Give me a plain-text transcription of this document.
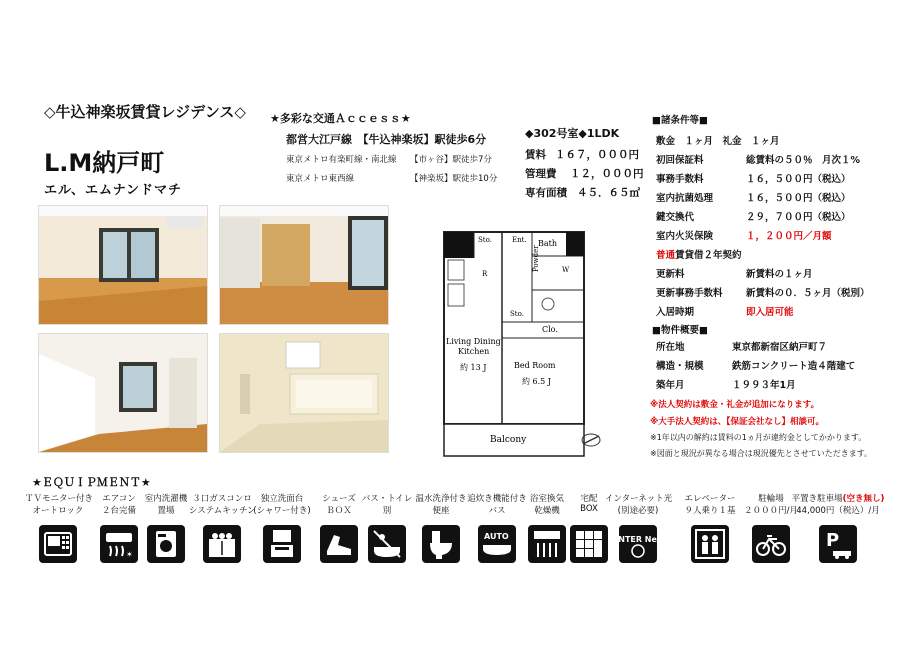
◇牛込神楽坂賃貸レジデンス◇
L.M納戸町
エル、エムナンドマチ
★多彩な交通Ａｃｃｅｓｓ★
都営大江戸線　【牛込神楽坂】駅徒歩6分
東京メトロ有楽町線・南北線 【市ヶ谷】駅徒歩7分
東京メトロ東西線	【神楽坂】駅徒歩10分
◆302号室◆1LDK
賃料 １６７，０００円
管理費 １２，０００円
専有面積 ４５．６５㎡
Sto.	Ent. Bath
Powder	W
R
Sto.
Clo.
Living Dining
Kitchen
約 13 J	Bed Room
約 6.5 J
Balcony
■諸条件等■
敷金　１ヶ月　礼金　１ヶ月
初回保証料	総賃料の５０％　月次１%
事務手数料	１６，５００円（税込）
室内抗菌処理	１６，５００円（税込）
鍵交換代	２９，７００円（税込）
室内火災保険	１，２００円／月額
普通賃貸借２年契約
更新料	新賃料の１ヶ月
更新事務手数料 新賃料の０．５ヶ月（税別）
入居時期	即入居可能
■物件概要■
所在地	東京都新宿区納戸町７
構造・規模	鉄筋コンクリート造４階建て
築年月	１９９３年1月
※法人契約は敷金・礼金が追加になります。
※大手法人契約は、【保証会社なし】相談可。
※1年以内の解約は賃料の1ヵ月が違約金としてかかります。
※図面と現況が異なる場合は現況優先とさせていただきます。
★ＥＱＵＩＰＭＥＮＴ★
ＴＶモニター付き
オートロック
エアコン
２台完備
室内洗濯機
置場
３口ガスコンロ
システムキッチン
独立洗面台
(シャワー付き)
シューズ
ＢＯＸ
バス・トイレ
別
温水洗浄付き
便座
追炊き機能付き
バス
浴室換気
乾燥機
宅配
BOX
インターネット光
(別途必要)
エレベーター
９人乗り１基
駐輪場
２０００円/月
平置き駐車場(空き無し)
44,000円（税込）/月
✶
AUTO	INTER Net	P
